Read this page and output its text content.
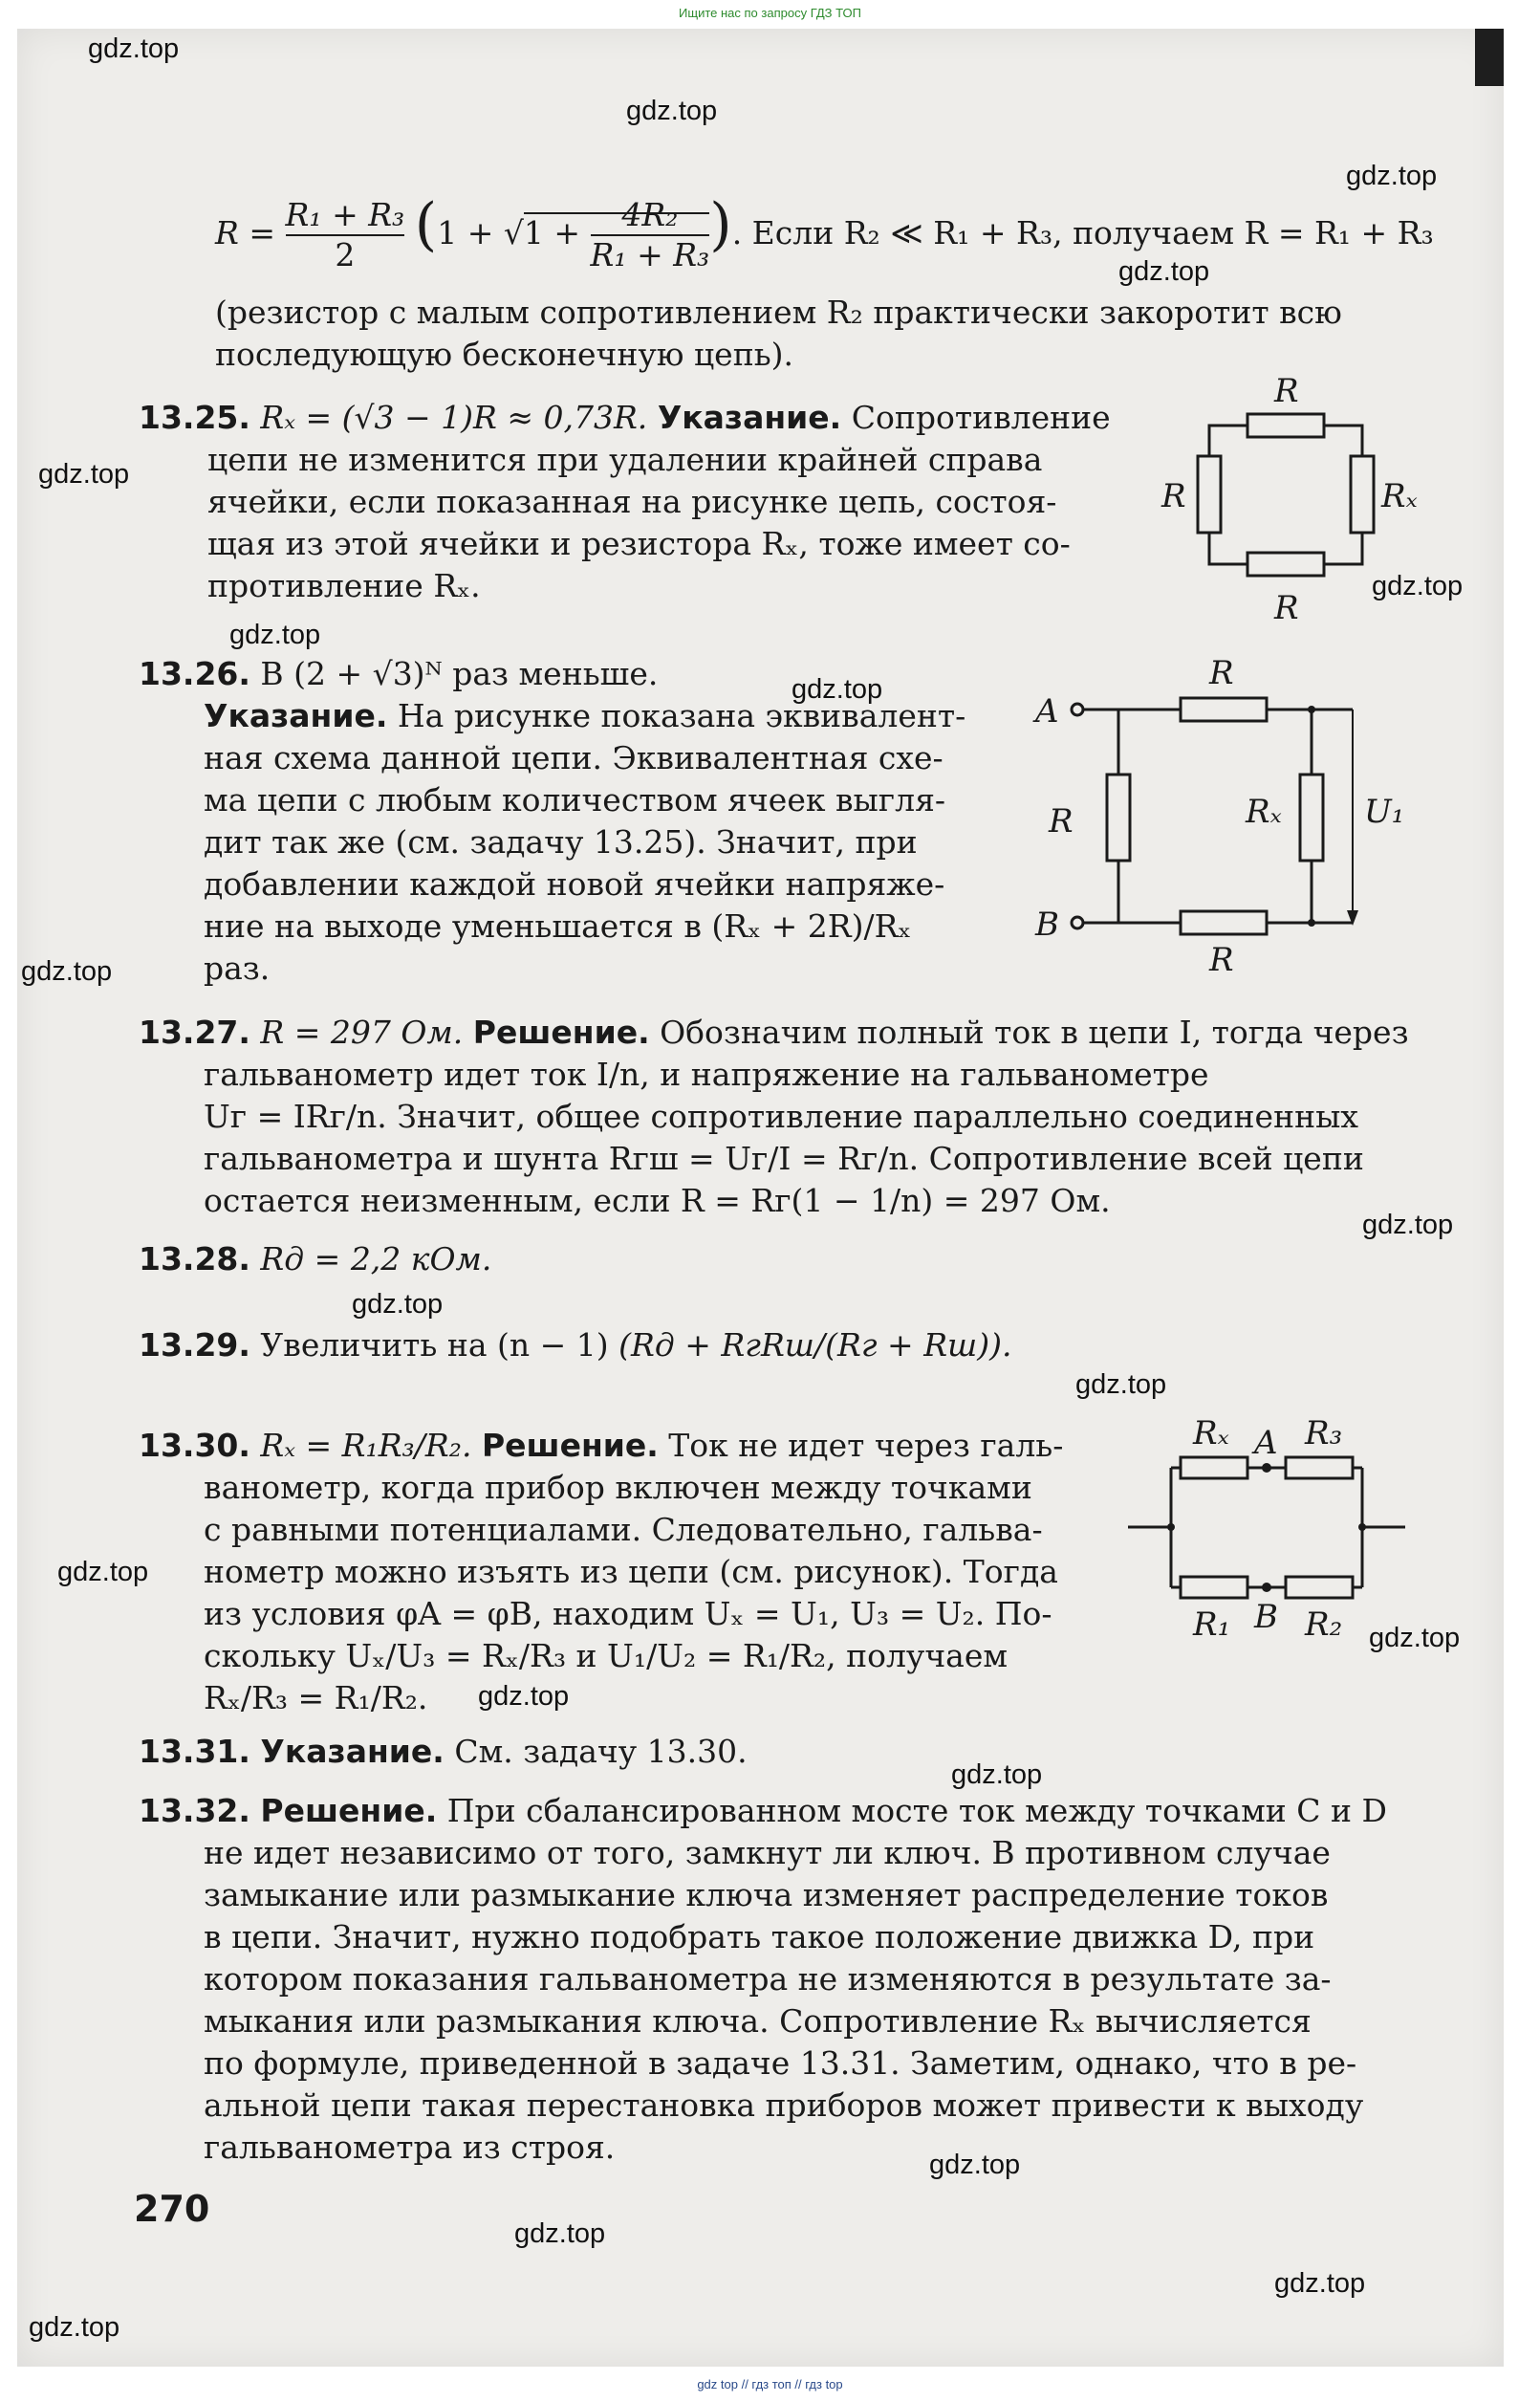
Ищите нас по запросу ГДЗ ТОП

$R = \frac{\text{R₁ + R₃}}{2} (1 + √1 + \frac{\text{4R₂}}{\text{R₁ + R₃}}$ ). Если R₂ ≪ R₁ + R₃, получаем R = R₁ + R₃

(резистор с малым сопротивлением R₂ практически закоротит всю

последующую бесконечную цепь).

13.25. Rₓ = (√3 − 1)R ≈ 0,73R. Указание. Сопротивление

цепи не изменится при удалении крайней справа

ячейки, если показанная на рисунке цепь, состоя-

щая из этой ячейки и резистора Rₓ, тоже имеет со-

противление Rₓ.

R
R	Rₓ
R

13.26. В (2 + √3)ᴺ раз меньше.

Указание. На рисунке показана эквивалент-

ная схема данной цепи. Эквивалентная схе-

ма цепи с любым количеством ячеек выгля-

дит так же (см. задачу 13.25). Значит, при

добавлении каждой новой ячейки напряже-

ние на выходе уменьшается в (Rₓ + 2R)/Rₓ

раз.

A
B
R
R	Rₓ	U₁
R

13.27. R = 297 Ом. Решение. Обозначим полный ток в цепи I, тогда через

гальванометр идет ток I/n, и напряжение на гальванометре

Uг = IRг/n. Значит, общее сопротивление параллельно соединенных

гальванометра и шунта Rгш = Uг/I = Rг/n. Сопротивление всей цепи

остается неизменным, если R = Rг(1 − 1/n) = 297 Ом.

13.28. Rд = 2,2 кОм.

13.29. Увеличить на (n − 1) (Rд + RгRш/(Rг + Rш)).

13.30. Rₓ = R₁R₃/R₂. Решение. Ток не идет через галь-

ванометр, когда прибор включен между точками

с равными потенциалами. Следовательно, гальва-

нометр можно изъять из цепи (см. рисунок). Тогда

из условия φA = φB, находим Uₓ = U₁, U₃ = U₂. По-

скольку Uₓ/U₃ = Rₓ/R₃ и U₁/U₂ = R₁/R₂, получаем

Rₓ/R₃ = R₁/R₂.

Rₓ A R₃
R₁ B R₂

13.31. Указание. См. задачу 13.30.

13.32. Решение. При сбалансированном мосте ток между точками C и D

не идет независимо от того, замкнут ли ключ. В противном случае

замыкание или размыкание ключа изменяет распределение токов

в цепи. Значит, нужно подобрать такое положение движка D, при

котором показания гальванометра не изменяются в результате за-

мыкания или размыкания ключа. Сопротивление Rₓ вычисляется

по формуле, приведенной в задаче 13.31. Заметим, однако, что в ре-

альной цепи такая перестановка приборов может привести к выходу

гальванометра из строя.

270
gdz.top
gdz.top
gdz.top
gdz.top
gdz.top
gdz.top
gdz.top
gdz.top
gdz.top
gdz.top
gdz.top
gdz.top
gdz.top
gdz.top
gdz.top
gdz.top
gdz.top
gdz.top
gdz.top
gdz.top
gdz top // гдз топ // гдз top
